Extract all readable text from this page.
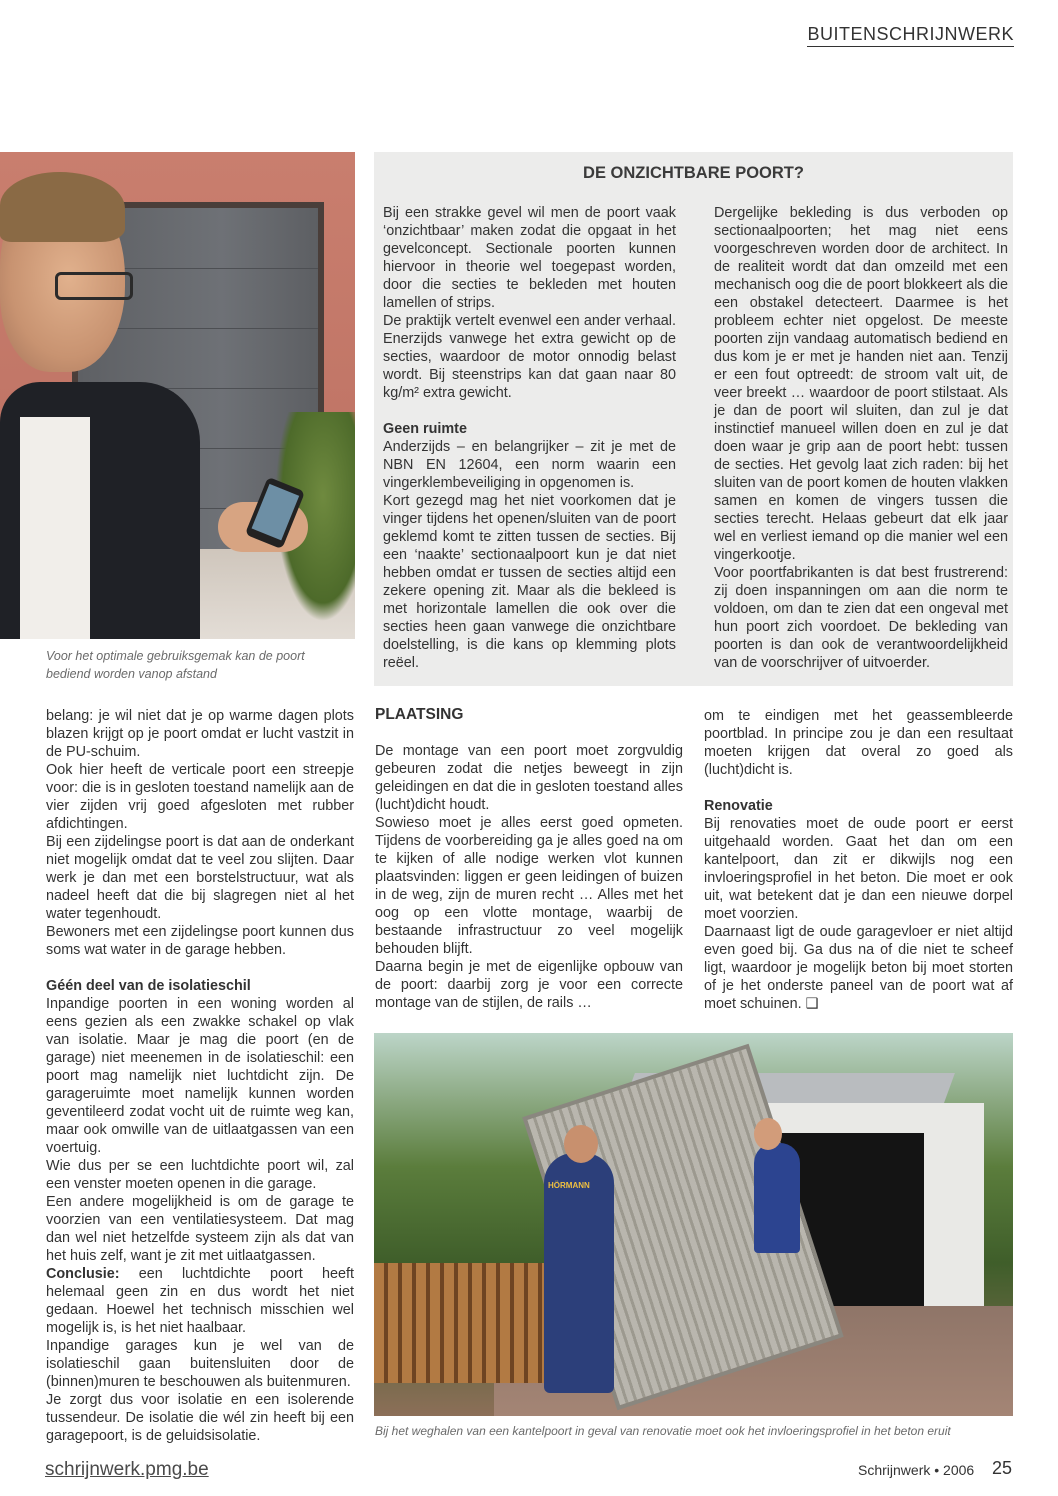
BUITENSCHRIJNWERK
Voor het optimale gebruiksgemak kan de poort bediend worden vanop afstand
DE ONZICHTBARE POORT?

Bij een strakke gevel wil men de poort vaak ‘onzichtbaar’ maken zodat die opgaat in het gevelconcept. Sectionale poorten kunnen hiervoor in theorie wel toegepast worden, door die secties te bekleden met houten lamellen of strips.

De praktijk vertelt evenwel een ander verhaal. Enerzijds vanwege het extra gewicht op de secties, waardoor de motor onnodig belast wordt. Bij steenstrips kan dat gaan naar 80 kg/m² extra gewicht.

Geen ruimte

Anderzijds – en belangrijker – zit je met de NBN EN 12604, een norm waarin een vingerklembeveiliging in opgenomen is.

Kort gezegd mag het niet voorkomen dat je vinger tijdens het openen/sluiten van de poort geklemd komt te zitten tussen de secties. Bij een ‘naakte’ sectionaalpoort kun je dat niet hebben omdat er tussen de secties altijd een zekere opening zit. Maar als die bekleed is met horizontale lamellen die ook over die secties heen gaan vanwege die onzichtbare doelstelling, is die kans op klemming plots reëel.

Dergelijke bekleding is dus verboden op sectionaalpoorten; het mag niet eens voorgeschreven worden door de architect. In de realiteit wordt dat dan omzeild met een mechanisch oog die de poort blokkeert als die een obstakel detecteert. Daarmee is het probleem echter niet opgelost. De meeste poorten zijn vandaag automatisch bediend en dus kom je er met je handen niet aan. Tenzij er een fout optreedt: de stroom valt uit, de veer breekt … waardoor de poort stilstaat. Als je dan de poort wil sluiten, dan zul je dat instinctief manueel willen doen en zul je dat doen waar je grip aan de poort hebt: tussen de secties. Het gevolg laat zich raden: bij het sluiten van de poort komen de houten vlakken samen en komen de vingers tussen die secties terecht. Helaas gebeurt dat elk jaar wel en verliest iemand op die manier wel een vingerkootje.

Voor poortfabrikanten is dat best frustrerend: zij doen inspanningen om aan die norm te voldoen, om dan te zien dat een ongeval met hun poort zich voordoet. De bekleding van poorten is dan ook de verantwoordelijkheid van de voorschrijver of uitvoerder.

belang: je wil niet dat je op warme dagen plots blazen krijgt op je poort omdat er lucht vastzit in de PU-schuim.

Ook hier heeft de verticale poort een streepje voor: die is in gesloten toestand namelijk aan de vier zijden vrij goed afgesloten met rubber afdichtingen.

Bij een zijdelingse poort is dat aan de onderkant niet mogelijk omdat dat te veel zou slijten. Daar werk je dan met een borstelstructuur, wat als nadeel heeft dat die bij slagregen niet al het water tegenhoudt.

Bewoners met een zijdelingse poort kunnen dus soms wat water in de garage hebben.

Géén deel van de isolatieschil

Inpandige poorten in een woning worden al eens gezien als een zwakke schakel op vlak van isolatie. Maar je mag die poort (en de garage) niet meenemen in de isolatieschil: een poort mag namelijk niet luchtdicht zijn. De garageruimte moet namelijk kunnen worden geventileerd zodat vocht uit de ruimte weg kan, maar ook omwille van de uitlaatgassen van een voertuig.

Wie dus per se een luchtdichte poort wil, zal een venster moeten openen in die garage.

Een andere mogelijkheid is om de garage te voorzien van een ventilatiesysteem. Dat mag dan wel niet hetzelfde systeem zijn als dat van het huis zelf, want je zit met uitlaatgassen.

Conclusie: een luchtdichte poort heeft helemaal geen zin en dus wordt het niet gedaan. Hoewel het technisch misschien wel mogelijk is, is het niet haalbaar.

Inpandige garages kun je wel van de isolatieschil gaan buitensluiten door de (binnen)muren te beschouwen als buitenmuren.

Je zorgt dus voor isolatie en een isolerende tussendeur. De isolatie die wél zin heeft bij een garagepoort, is de geluidsisolatie.

PLAATSING

De montage van een poort moet zorgvuldig gebeuren zodat die netjes beweegt in zijn geleidingen en dat die in gesloten toestand alles (lucht)dicht houdt.

Sowieso moet je alles eerst goed opmeten. Tijdens de voorbereiding ga je alles goed na om te kijken of alle nodige werken vlot kunnen plaatsvinden: liggen er geen leidingen of buizen in de weg, zijn de muren recht … Alles met het oog op een vlotte montage, waarbij de bestaande infrastructuur zo veel mogelijk behouden blijft.

Daarna begin je met de eigenlijke opbouw van de poort: daarbij zorg je voor een correcte montage van de stijlen, de rails …

om te eindigen met het geassembleerde poortblad. In principe zou je dan een resultaat moeten krijgen dat overal zo goed als (lucht)dicht is.

Renovatie

Bij renovaties moet de oude poort er eerst uitgehaald worden. Gaat het dan om een kantelpoort, dan zit er dikwijls nog een invloeringsprofiel in het beton. Die moet er ook uit, wat betekent dat je dan een nieuwe dorpel moet voorzien.

Daarnaast ligt de oude garagevloer er niet altijd even goed bij. Ga dus na of die niet te scheef ligt, waardoor je mogelijk beton bij moet storten of je het onderste paneel van de poort wat af moet schuinen. ❑

HÖRMANN
Bij het weghalen van een kantelpoort in geval van renovatie moet ook het invloeringsprofiel in het beton eruit
schrijnwerk.pmg.be	Schrijnwerk • 2006 25
